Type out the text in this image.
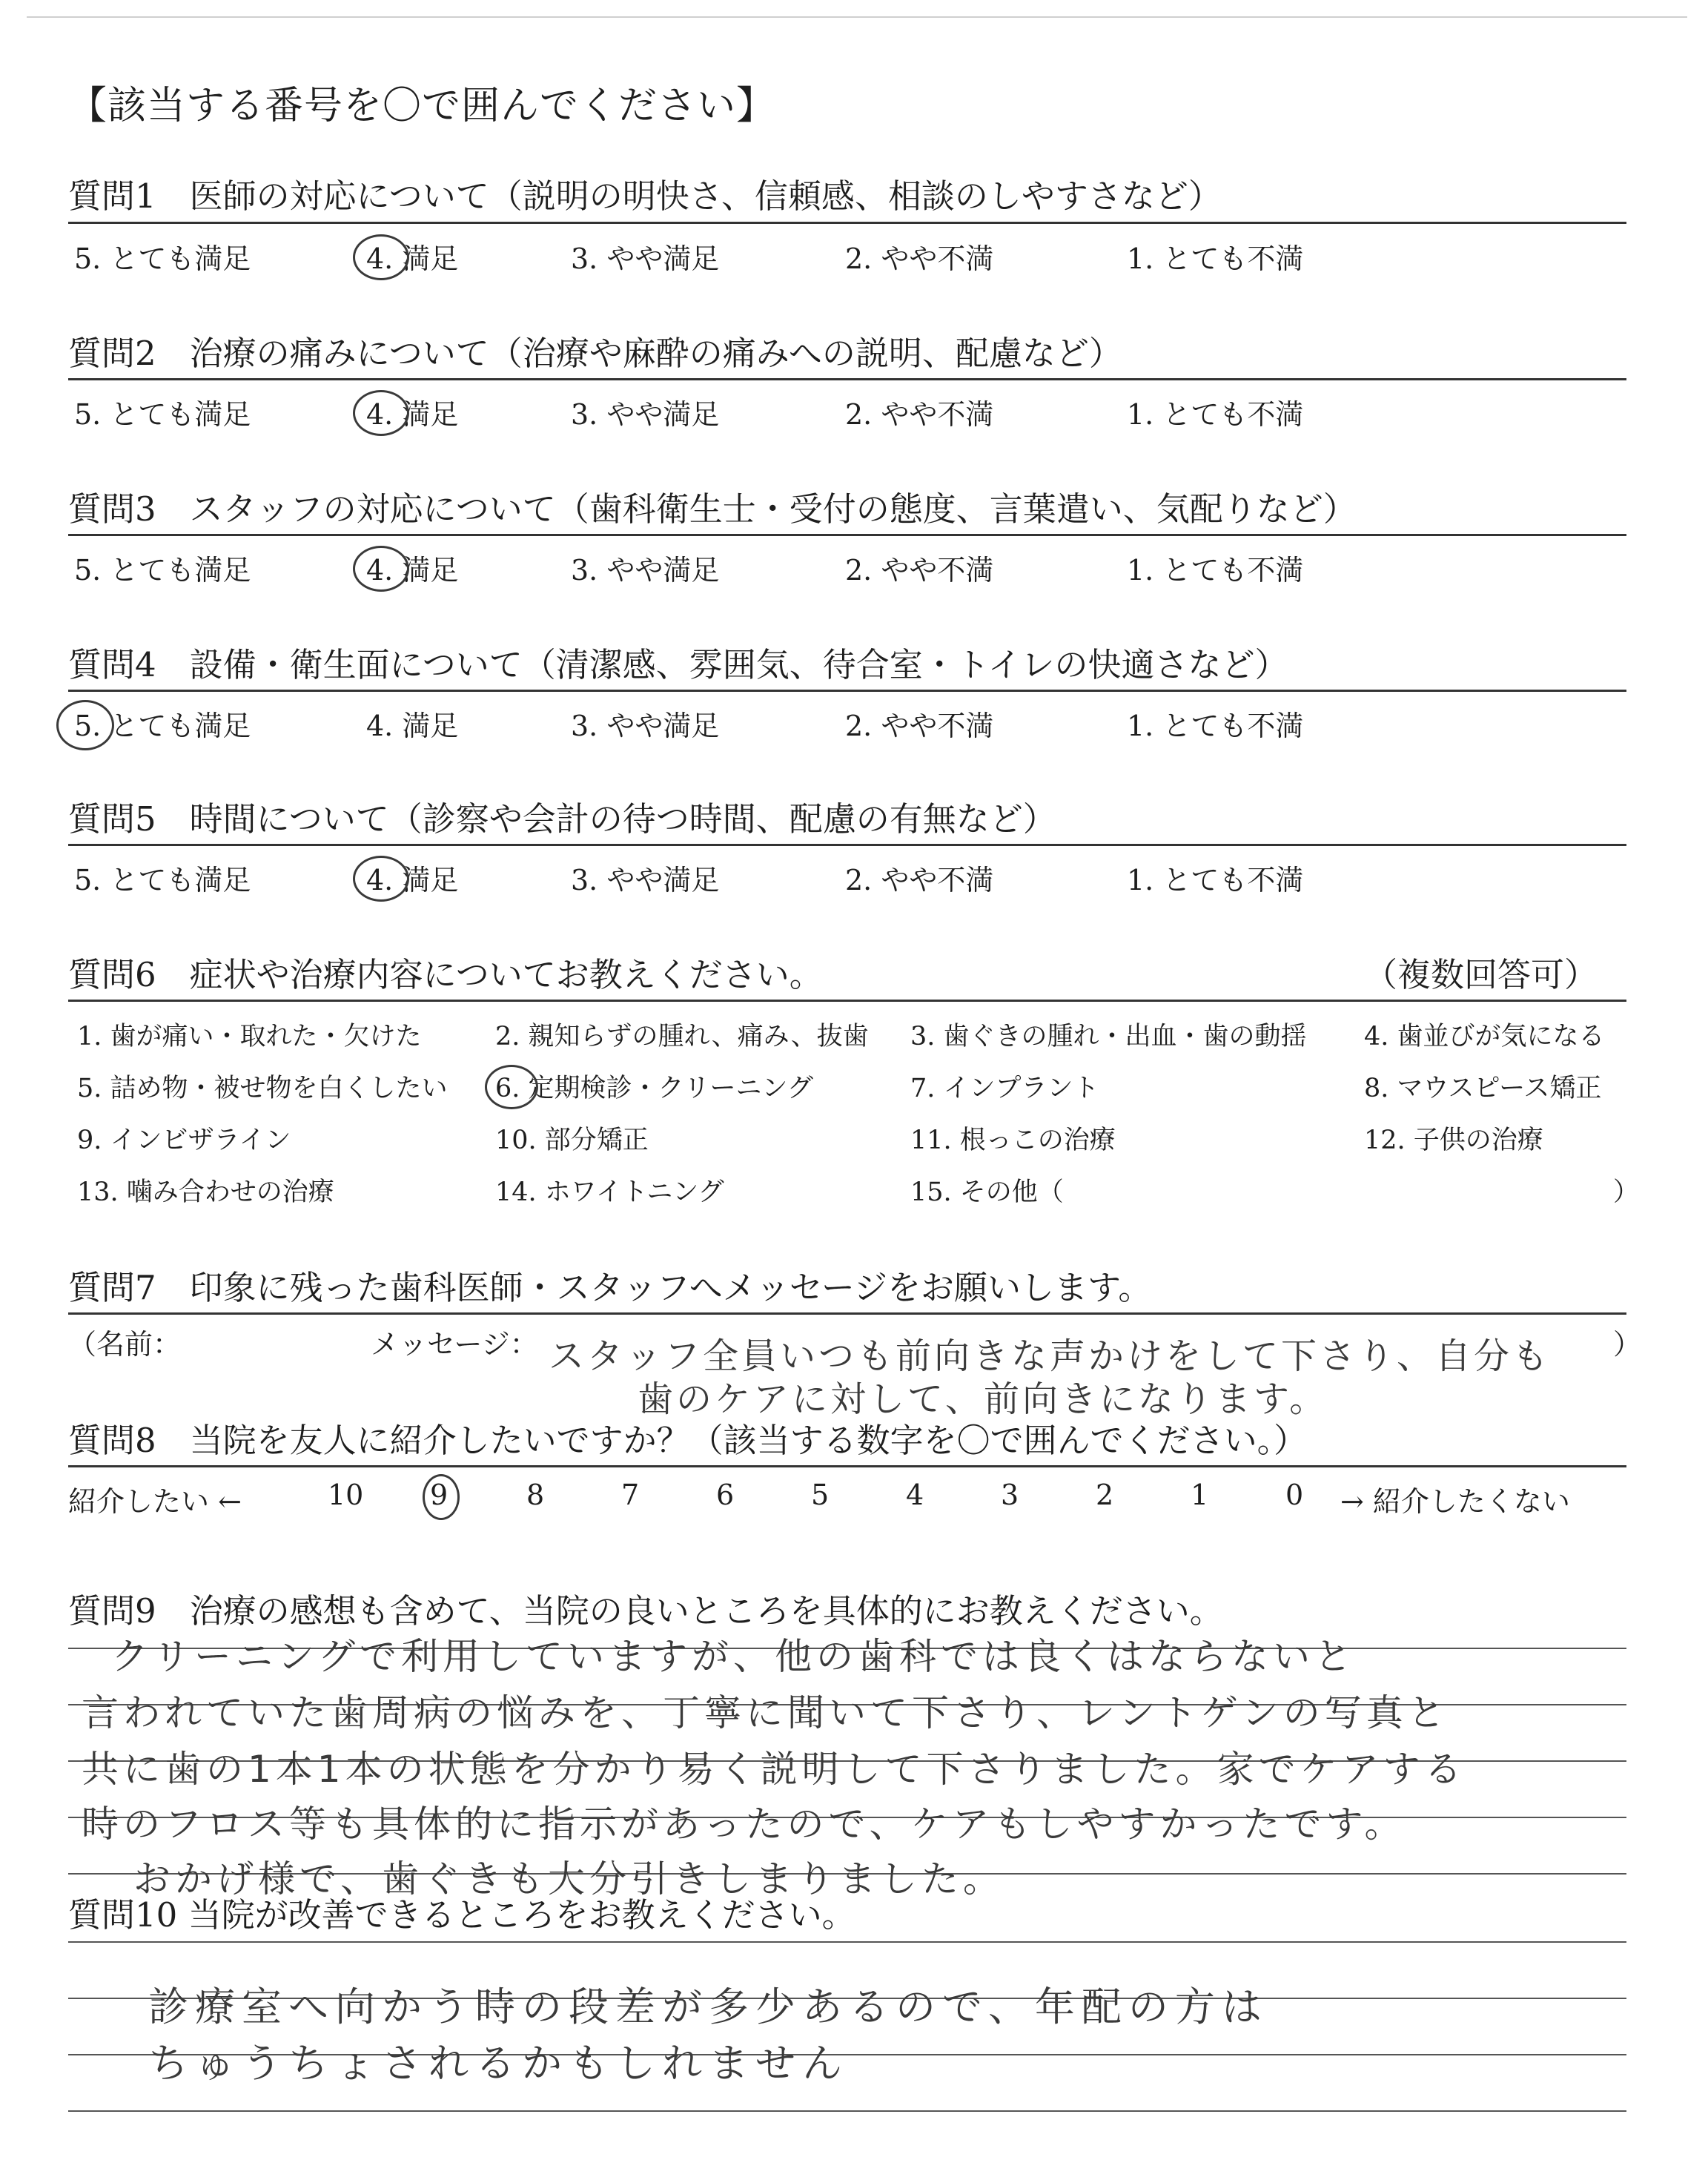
【該当する番号を〇で囲んでください】
質問1　医師の対応について（説明の明快さ、信頼感、相談のしやすさなど）
5. とても満足	4. 満足	3. やや満足	2. やや不満	1. とても不満
質問2　治療の痛みについて（治療や麻酔の痛みへの説明、配慮など）
5. とても満足	4. 満足	3. やや満足	2. やや不満	1. とても不満
質問3　スタッフの対応について（歯科衛生士・受付の態度、言葉遣い、気配りなど）
5. とても満足	4. 満足	3. やや満足	2. やや不満	1. とても不満
質問4　設備・衛生面について（清潔感、雰囲気、待合室・トイレの快適さなど）
5. とても満足	4. 満足	3. やや満足	2. やや不満	1. とても不満
質問5　時間について（診察や会計の待つ時間、配慮の有無など）
5. とても満足	4. 満足	3. やや満足	2. やや不満	1. とても不満
質問6　症状や治療内容についてお教えください。	（複数回答可）
1. 歯が痛い・取れた・欠けた	2. 親知らずの腫れ、痛み、抜歯 3. 歯ぐきの腫れ・出血・歯の動揺 4. 歯並びが気になる
5. 詰め物・被せ物を白くしたい 6. 定期検診・クリーニング	7. インプラント	8. マウスピース矯正
9. インビザライン	10. 部分矯正	11. 根っこの治療	12. 子供の治療
13. 噛み合わせの治療	14. ホワイトニング	15. その他（	）
質問7　印象に残った歯科医師・スタッフへメッセージをお願いします。
（名前：	メッセージ：	）
スタッフ全員いつも前向きな声かけをして下さり、自分も
歯のケアに対して、前向きになります。
質問8　当院を友人に紹介したいですか？（該当する数字を〇で囲んでください。）
紹介したい ←	→ 紹介したくない
10 9	8	7	6	5	4	3	2	1	0
質問9　治療の感想も含めて、当院の良いところを具体的にお教えください。
クリーニングで利用していますが、他の歯科では良くはならないと
言われていた歯周病の悩みを、丁寧に聞いて下さり、レントゲンの写真と
共に歯の1本1本の状態を分かり易く説明して下さりました。家でケアする
時のフロス等も具体的に指示があったので、ケアもしやすかったです。
おかげ様で、歯ぐきも大分引きしまりました。
質問10 当院が改善できるところをお教えください。
診療室へ向かう時の段差が多少あるので、年配の方は
ちゅうちょされるかもしれません
